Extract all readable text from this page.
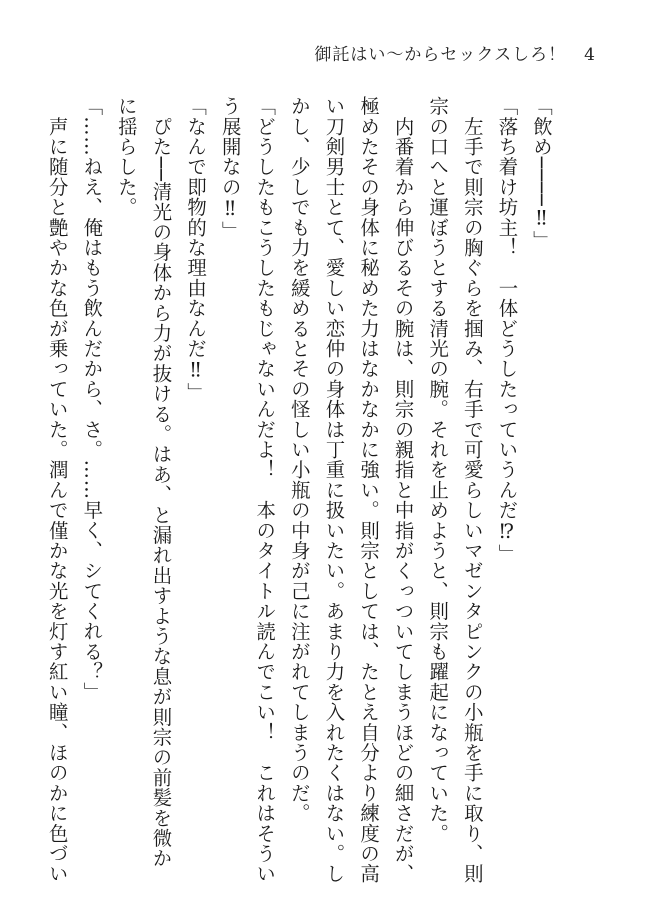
御託はい〜からセックスしろ！ 4
「飲め────‼」
「落ち着け坊主！　一体どうしたっていうんだ⁉」
　左手で則宗の胸ぐらを掴み、右手で可愛らしいマゼンタピンクの小瓶を手に取り、則
宗の口へと運ぼうとする清光の腕。それを止めようと、則宗も躍起になっていた。
　内番着から伸びるその腕は、則宗の親指と中指がくっついてしまうほどの細さだが、
極めたその身体に秘めた力はなかなかに強い。則宗としては、たとえ自分より練度の高
い刀剣男士とて、愛しい恋仲の身体は丁重に扱いたい。あまり力を入れたくはない。し
かし、少しでも力を緩めるとその怪しい小瓶の中身が己に注がれてしまうのだ。
「どうしたもこうしたもじゃないんだよ！　本のタイトル読んでこい！　これはそうい
う展開なの‼」
「なんで即物的な理由なんだ‼」
　ぴた──清光の身体から力が抜ける。はあ、と漏れ出すような息が則宗の前髪を微か
に揺らした。
「……ねえ、俺はもう飲んだから、さ。……早く、シてくれる？」
　声に随分と艶やかな色が乗っていた。潤んで僅かな光を灯す紅い瞳、ほのかに色づい
